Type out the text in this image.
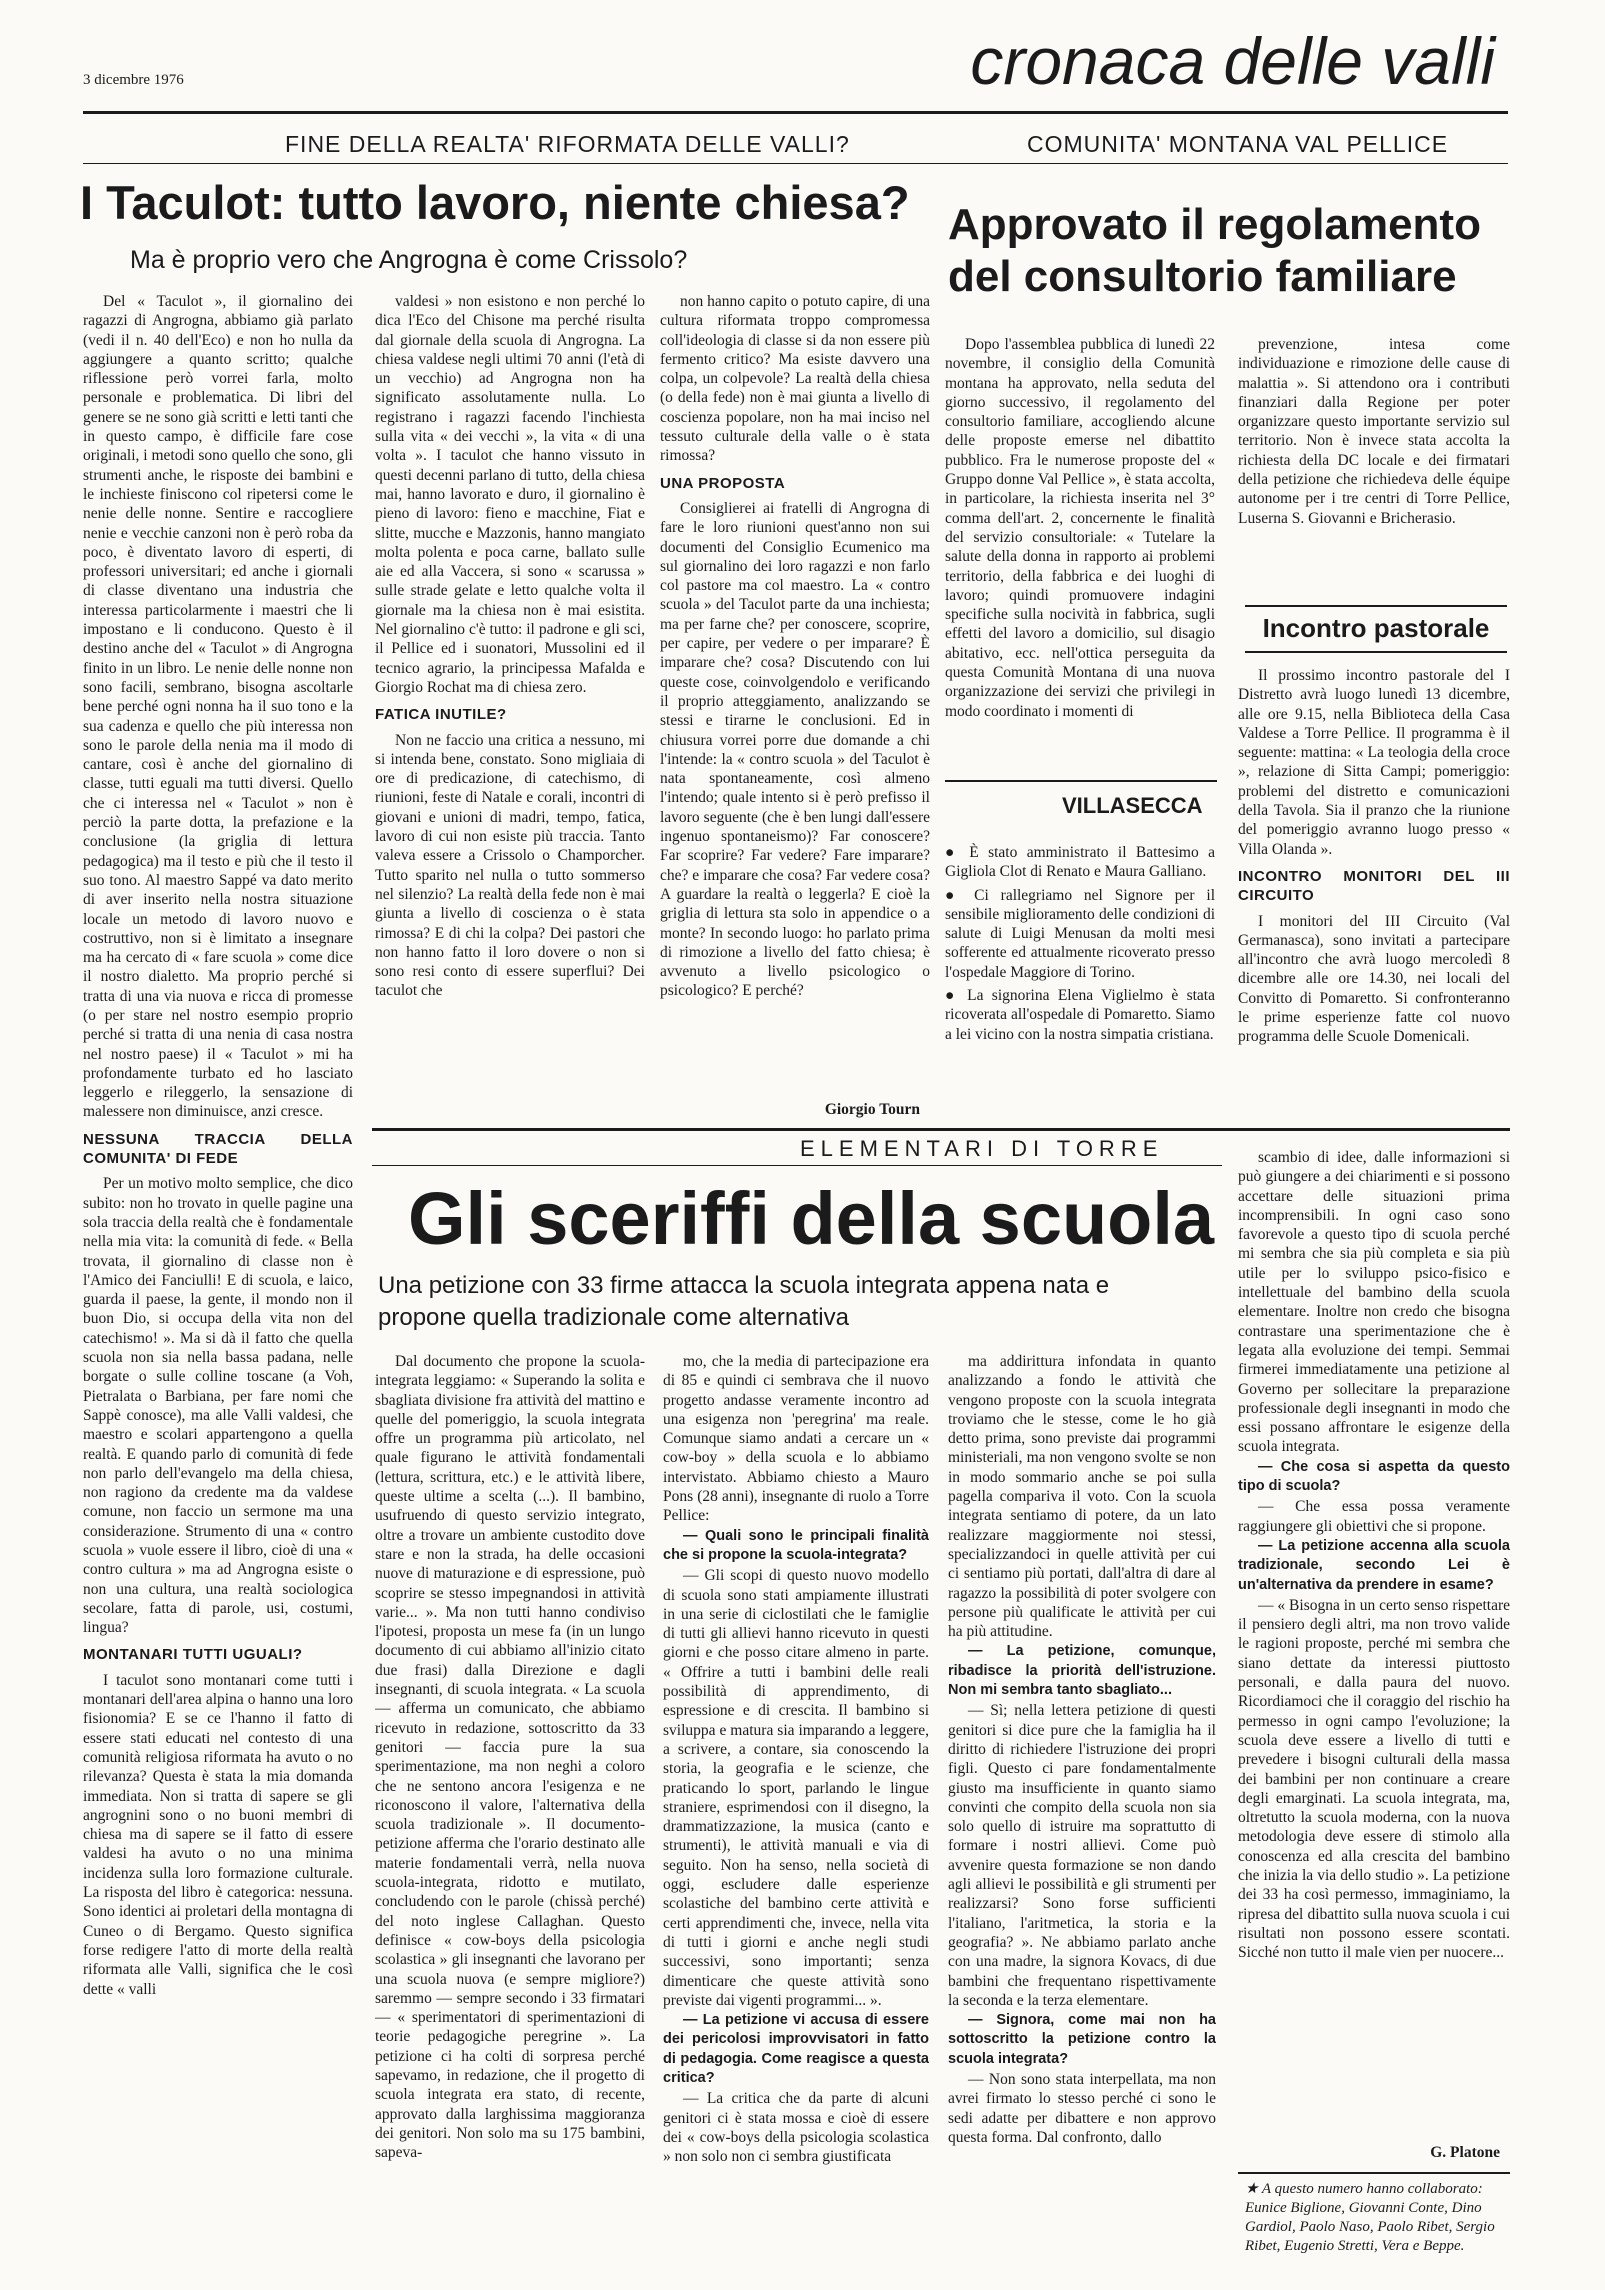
3 dicembre 1976	cronaca delle valli
FINE DELLA REALTA' RIFORMATA DELLE VALLI?	COMUNITA' MONTANA VAL PELLICE
I Taculot: tutto lavoro, niente chiesa?
Ma è proprio vero che Angrogna è come Crissolo?

Del « Taculot », il giornalino dei ragazzi di Angrogna, abbiamo già parlato (vedi il n. 40 dell'Eco) e non ho nulla da aggiungere a quanto scritto; qualche riflessione però vorrei farla, molto personale e problematica. Di libri del genere se ne sono già scritti e letti tanti che in questo campo, è difficile fare cose originali, i metodi sono quello che sono, gli strumenti anche, le risposte dei bambini e le inchieste finiscono col ripetersi come le nenie delle nonne. Sentire e raccogliere nenie e vecchie canzoni non è però roba da poco, è diventato lavoro di esperti, di professori universitari; ed anche i giornali di classe diventano una industria che interessa particolarmente i maestri che li impostano e li conducono. Questo è il destino anche del « Taculot » di Angrogna finito in un libro. Le nenie delle nonne non sono facili, sembrano, bisogna ascoltarle bene perché ogni nonna ha il suo tono e la sua cadenza e quello che più interessa non sono le parole della nenia ma il modo di cantare, così è anche del giornalino di classe, tutti eguali ma tutti diversi. Quello che ci interessa nel « Taculot » non è perciò la parte dotta, la prefazione e la conclusione (la griglia di lettura pedagogica) ma il testo e più che il testo il suo tono. Al maestro Sappé va dato merito di aver inserito nella nostra situazione locale un metodo di lavoro nuovo e costruttivo, non si è limitato a insegnare ma ha cercato di « fare scuola » come dice il nostro dialetto. Ma proprio perché si tratta di una via nuova e ricca di promesse (o per stare nel nostro esempio proprio perché si tratta di una nenia di casa nostra nel nostro paese) il « Taculot » mi ha profondamente turbato ed ho lasciato leggerlo e rileggerlo, la sensazione di malessere non diminuisce, anzi cresce.

NESSUNA TRACCIA DELLA COMUNITA' DI FEDE

Per un motivo molto semplice, che dico subito: non ho trovato in quelle pagine una sola traccia della realtà che è fondamentale nella mia vita: la comunità di fede. « Bella trovata, il giornalino di classe non è l'Amico dei Fanciulli! E di scuola, e laico, guarda il paese, la gente, il mondo non il buon Dio, si occupa della vita non del catechismo! ». Ma si dà il fatto che quella scuola non sia nella bassa padana, nelle borgate o sulle colline toscane (a Voh, Pietralata o Barbiana, per fare nomi che Sappè conosce), ma alle Valli valdesi, che maestro e scolari appartengono a quella realtà. E quando parlo di comunità di fede non parlo dell'evangelo ma della chiesa, non ragiono da credente ma da valdese comune, non faccio un sermone ma una considerazione. Strumento di una « contro scuola » vuole essere il libro, cioè di una « contro cultura » ma ad Angrogna esiste o non una cultura, una realtà sociologica secolare, fatta di parole, usi, costumi, lingua?

MONTANARI TUTTI UGUALI?

I taculot sono montanari come tutti i montanari dell'area alpina o hanno una loro fisionomia? E se ce l'hanno il fatto di essere stati educati nel contesto di una comunità religiosa riformata ha avuto o no rilevanza? Questa è stata la mia domanda immediata. Non si tratta di sapere se gli angrognini sono o no buoni membri di chiesa ma di sapere se il fatto di essere valdesi ha avuto o no una minima incidenza sulla loro formazione culturale. La risposta del libro è categorica: nessuna. Sono identici ai proletari della montagna di Cuneo o di Bergamo. Questo significa forse redigere l'atto di morte della realtà riformata alle Valli, significa che le così dette « valli

valdesi » non esistono e non perché lo dica l'Eco del Chisone ma perché risulta dal giornale della scuola di Angrogna. La chiesa valdese negli ultimi 70 anni (l'età di un vecchio) ad Angrogna non ha significato assolutamente nulla. Lo registrano i ragazzi facendo l'inchiesta sulla vita « dei vecchi », la vita « di una volta ». I taculot che hanno vissuto in questi decenni parlano di tutto, della chiesa mai, hanno lavorato e duro, il giornalino è pieno di lavoro: fieno e macchine, Fiat e slitte, mucche e Mazzonis, hanno mangiato molta polenta e poca carne, ballato sulle aie ed alla Vaccera, si sono « scarussa » sulle strade gelate e letto qualche volta il giornale ma la chiesa non è mai esistita. Nel giornalino c'è tutto: il padrone e gli sci, il Pellice ed i suonatori, Mussolini ed il tecnico agrario, la principessa Mafalda e Giorgio Rochat ma di chiesa zero.

FATICA INUTILE?

Non ne faccio una critica a nessuno, mi si intenda bene, constato. Sono migliaia di ore di predicazione, di catechismo, di riunioni, feste di Natale e corali, incontri di giovani e unioni di madri, tempo, fatica, lavoro di cui non esiste più traccia. Tanto valeva essere a Crissolo o Champorcher. Tutto sparito nel nulla o tutto sommerso nel silenzio? La realtà della fede non è mai giunta a livello di coscienza o è stata rimossa? E di chi la colpa? Dei pastori che non hanno fatto il loro dovere o non si sono resi conto di essere superflui? Dei taculot che

non hanno capito o potuto capire, di una cultura riformata troppo compromessa coll'ideologia di classe si da non essere più fermento critico? Ma esiste davvero una colpa, un colpevole? La realtà della chiesa (o della fede) non è mai giunta a livello di coscienza popolare, non ha mai inciso nel tessuto culturale della valle o è stata rimossa?

UNA PROPOSTA

Consiglierei ai fratelli di Angrogna di fare le loro riunioni quest'anno non sui documenti del Consiglio Ecumenico ma sul giornalino dei loro ragazzi e non farlo col pastore ma col maestro. La « contro scuola » del Taculot parte da una inchiesta; ma per farne che? per conoscere, scoprire, per capire, per vedere o per imparare? È imparare che? cosa? Discutendo con lui queste cose, coinvolgendolo e verificando il proprio atteggiamento, analizzando se stessi e tirarne le conclusioni. Ed in chiusura vorrei porre due domande a chi l'intende: la « contro scuola » del Taculot è nata spontaneamente, così almeno l'intendo; quale intento si è però prefisso il lavoro seguente (che è ben lungi dall'essere ingenuo spontaneismo)? Far conoscere? Far scoprire? Far vedere? Fare imparare? che? e imparare che cosa? Far vedere cosa? A guardare la realtà o leggerla? E cioè la griglia di lettura sta solo in appendice o a monte? In secondo luogo: ho parlato prima di rimozione a livello del fatto chiesa; è avvenuto a livello psicologico o psicologico? E perché?

Giorgio Tourn
Approvato il regolamento
del consultorio familiare

Dopo l'assemblea pubblica di lunedì 22 novembre, il consiglio della Comunità montana ha approvato, nella seduta del giorno successivo, il regolamento del consultorio familiare, accogliendo alcune delle proposte emerse nel dibattito pubblico. Fra le numerose proposte del « Gruppo donne Val Pellice », è stata accolta, in particolare, la richiesta inserita nel 3° comma dell'art. 2, concernente le finalità del servizio consultoriale: « Tutelare la salute della donna in rapporto ai problemi territorio, della fabbrica e dei luoghi di lavoro; quindi promuovere indagini specifiche sulla nocività in fabbrica, sugli effetti del lavoro a domicilio, sul disagio abitativo, ecc. nell'ottica perseguita da questa Comunità Montana di una nuova organizzazione dei servizi che privilegi in modo coordinato i momenti di

prevenzione, intesa come individuazione e rimozione delle cause di malattia ». Si attendono ora i contributi finanziari dalla Regione per poter organizzare questo importante servizio sul territorio. Non è invece stata accolta la richiesta della DC locale e dei firmatari della petizione che richiedeva delle équipe autonome per i tre centri di Torre Pellice, Luserna S. Giovanni e Bricherasio.

VILLASECCA

● È stato amministrato il Battesimo a Gigliola Clot di Renato e Maura Galliano.

● Ci rallegriamo nel Signore per il sensibile miglioramento delle condizioni di salute di Luigi Menusan da molti mesi sofferente ed attualmente ricoverato presso l'ospedale Maggiore di Torino.

● La signorina Elena Viglielmo è stata ricoverata all'ospedale di Pomaretto. Siamo a lei vicino con la nostra simpatia cristiana.

Incontro pastorale

Il prossimo incontro pastorale del I Distretto avrà luogo lunedì 13 dicembre, alle ore 9.15, nella Biblioteca della Casa Valdese a Torre Pellice. Il programma è il seguente: mattina: « La teologia della croce », relazione di Sitta Campi; pomeriggio: problemi del distretto e comunicazioni della Tavola. Sia il pranzo che la riunione del pomeriggio avranno luogo presso « Villa Olanda ».

INCONTRO MONITORI DEL III CIRCUITO

I monitori del III Circuito (Val Germanasca), sono invitati a partecipare all'incontro che avrà luogo mercoledì 8 dicembre alle ore 14.30, nei locali del Convitto di Pomaretto. Si confronteranno le prime esperienze fatte col nuovo programma delle Scuole Domenicali.

ELEMENTARI DI TORRE
Gli sceriffi della scuola
Una petizione con 33 firme attacca la scuola integrata appena nata e
propone quella tradizionale come alternativa

Dal documento che propone la scuola-integrata leggiamo: « Superando la solita e sbagliata divisione fra attività del mattino e quelle del pomeriggio, la scuola integrata offre un programma più articolato, nel quale figurano le attività fondamentali (lettura, scrittura, etc.) e le attività libere, queste ultime a scelta (...). Il bambino, usufruendo di questo servizio integrato, oltre a trovare un ambiente custodito dove stare e non la strada, ha delle occasioni nuove di maturazione e di espressione, può scoprire se stesso impegnandosi in attività varie... ». Ma non tutti hanno condiviso l'ipotesi, proposta un mese fa (in un lungo documento di cui abbiamo all'inizio citato due frasi) dalla Direzione e dagli insegnanti, di scuola integrata. « La scuola — afferma un comunicato, che abbiamo ricevuto in redazione, sottoscritto da 33 genitori — faccia pure la sua sperimentazione, ma non neghi a coloro che ne sentono ancora l'esigenza e ne riconoscono il valore, l'alternativa della scuola tradizionale ». Il documento-petizione afferma che l'orario destinato alle materie fondamentali verrà, nella nuova scuola-integrata, ridotto e mutilato, concludendo con le parole (chissà perché) del noto inglese Callaghan. Questo definisce « cow-boys della psicologia scolastica » gli insegnanti che lavorano per una scuola nuova (e sempre migliore?) saremmo — sempre secondo i 33 firmatari — « sperimentatori di sperimentazioni di teorie pedagogiche peregrine ». La petizione ci ha colti di sorpresa perché sapevamo, in redazione, che il progetto di scuola integrata era stato, di recente, approvato dalla larghissima maggioranza dei genitori. Non solo ma su 175 bambini, sapeva-

mo, che la media di partecipazione era di 85 e quindi ci sembrava che il nuovo progetto andasse veramente incontro ad una esigenza non 'peregrina' ma reale. Comunque siamo andati a cercare un « cow-boy » della scuola e lo abbiamo intervistato. Abbiamo chiesto a Mauro Pons (28 anni), insegnante di ruolo a Torre Pellice:

— Quali sono le principali finalità che si propone la scuola-integrata?

— Gli scopi di questo nuovo modello di scuola sono stati ampiamente illustrati in una serie di ciclostilati che le famiglie di tutti gli allievi hanno ricevuto in questi giorni e che posso citare almeno in parte. « Offrire a tutti i bambini delle reali possibilità di apprendimento, di espressione e di crescita. Il bambino si sviluppa e matura sia imparando a leggere, a scrivere, a contare, sia conoscendo la storia, la geografia e le scienze, che praticando lo sport, parlando le lingue straniere, esprimendosi con il disegno, la drammatizzazione, la musica (canto e strumenti), le attività manuali e via di seguito. Non ha senso, nella società di oggi, escludere dalle esperienze scolastiche del bambino certe attività e certi apprendimenti che, invece, nella vita di tutti i giorni e anche negli studi successivi, sono importanti; senza dimenticare che queste attività sono previste dai vigenti programmi... ».

— La petizione vi accusa di essere dei pericolosi improvvisatori in fatto di pedagogia. Come reagisce a questa critica?

— La critica che da parte di alcuni genitori ci è stata mossa e cioè di essere dei « cow-boys della psicologia scolastica » non solo non ci sembra giustificata

ma addirittura infondata in quanto analizzando a fondo le attività che vengono proposte con la scuola integrata troviamo che le stesse, come le ho già detto prima, sono previste dai programmi ministeriali, ma non vengono svolte se non in modo sommario anche se poi sulla pagella compariva il voto. Con la scuola integrata sentiamo di potere, da un lato realizzare maggiormente noi stessi, specializzandoci in quelle attività per cui ci sentiamo più portati, dall'altra di dare al ragazzo la possibilità di poter svolgere con persone più qualificate le attività per cui ha più attitudine.

— La petizione, comunque, ribadisce la priorità dell'istruzione. Non mi sembra tanto sbagliato...

— Sì; nella lettera petizione di questi genitori si dice pure che la famiglia ha il diritto di richiedere l'istruzione dei propri figli. Questo ci pare fondamentalmente giusto ma insufficiente in quanto siamo convinti che compito della scuola non sia solo quello di istruire ma soprattutto di formare i nostri allievi. Come può avvenire questa formazione se non dando agli allievi le possibilità e gli strumenti per realizzarsi? Sono forse sufficienti l'italiano, l'aritmetica, la storia e la geografia? ». Ne abbiamo parlato anche con una madre, la signora Kovacs, di due bambini che frequentano rispettivamente la seconda e la terza elementare.

— Signora, come mai non ha sottoscritto la petizione contro la scuola integrata?

— Non sono stata interpellata, ma non avrei firmato lo stesso perché ci sono le sedi adatte per dibattere e non approvo questa forma. Dal confronto, dallo

scambio di idee, dalle informazioni si può giungere a dei chiarimenti e si possono accettare delle situazioni prima incomprensibili. In ogni caso sono favorevole a questo tipo di scuola perché mi sembra che sia più completa e sia più utile per lo sviluppo psico-fisico e intellettuale del bambino della scuola elementare. Inoltre non credo che bisogna contrastare una sperimentazione che è legata alla evoluzione dei tempi. Semmai firmerei immediatamente una petizione al Governo per sollecitare la preparazione professionale degli insegnanti in modo che essi possano affrontare le esigenze della scuola integrata.

— Che cosa si aspetta da questo tipo di scuola?

— Che essa possa veramente raggiungere gli obiettivi che si propone.

— La petizione accenna alla scuola tradizionale, secondo Lei è un'alternativa da prendere in esame?

— « Bisogna in un certo senso rispettare il pensiero degli altri, ma non trovo valide le ragioni proposte, perché mi sembra che siano dettate da interessi piuttosto personali, e dalla paura del nuovo. Ricordiamoci che il coraggio del rischio ha permesso in ogni campo l'evoluzione; la scuola deve essere a livello di tutti e prevedere i bisogni culturali della massa dei bambini per non continuare a creare degli emarginati. La scuola integrata, ma, oltretutto la scuola moderna, con la nuova metodologia deve essere di stimolo alla conoscenza ed alla crescita del bambino che inizia la via dello studio ». La petizione dei 33 ha così permesso, immaginiamo, la ripresa del dibattito sulla nuova scuola i cui risultati non possono essere scontati. Sicché non tutto il male vien per nuocere...

G. Platone
★ A questo numero hanno collaborato: Eunice Biglione, Giovanni Conte, Dino Gardiol, Paolo Naso, Paolo Ribet, Sergio Ribet, Eugenio Stretti, Vera e Beppe.
